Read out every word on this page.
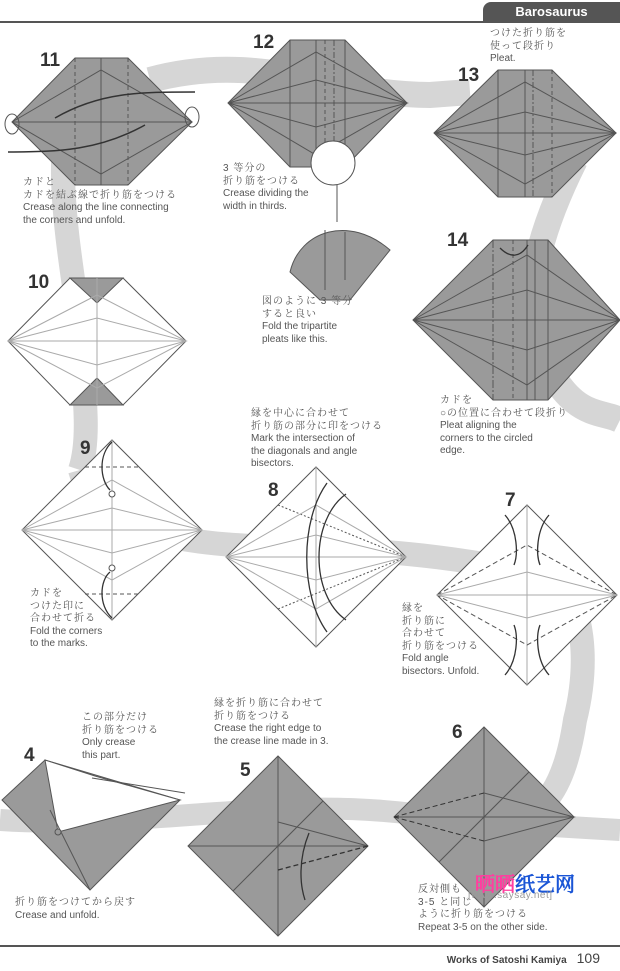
Barosaurus
11
12
13
14
10
9
8	7
4
5
6
カドと
カドを結ぶ線で折り筋をつける
Crease along the line connecting
the corners and unfold.
3 等分の
折り筋をつける
Crease dividing the
width in thirds.
図のように 3 等分
すると良い
Fold the tripartite
pleats like this.
つけた折り筋を
使って段折り
Pleat.
カドを
○の位置に合わせて段折り
Pleat aligning the
corners to the circled
edge.
カドを
つけた印に
合わせて折る
Fold the corners
to the marks.
縁を中心に合わせて
折り筋の部分に印をつける
Mark the intersection of
the diagonals and angle
bisectors.
縁を
折り筋に
合わせて
折り筋をつける
Fold angle
bisectors. Unfold.
この部分だけ
折り筋をつける
Only crease
this part.
折り筋をつけてから戻す
Crease and unfold.
縁を折り筋に合わせて
折り筋をつける
Crease the right edge to
the crease line made in 3.
反対側も
3-5 と同じ
ように折り筋をつける
Repeat 3-5 on the other side.
晒晒纸艺网
[www.saysay.net]
Works of Satoshi Kamiya 109
